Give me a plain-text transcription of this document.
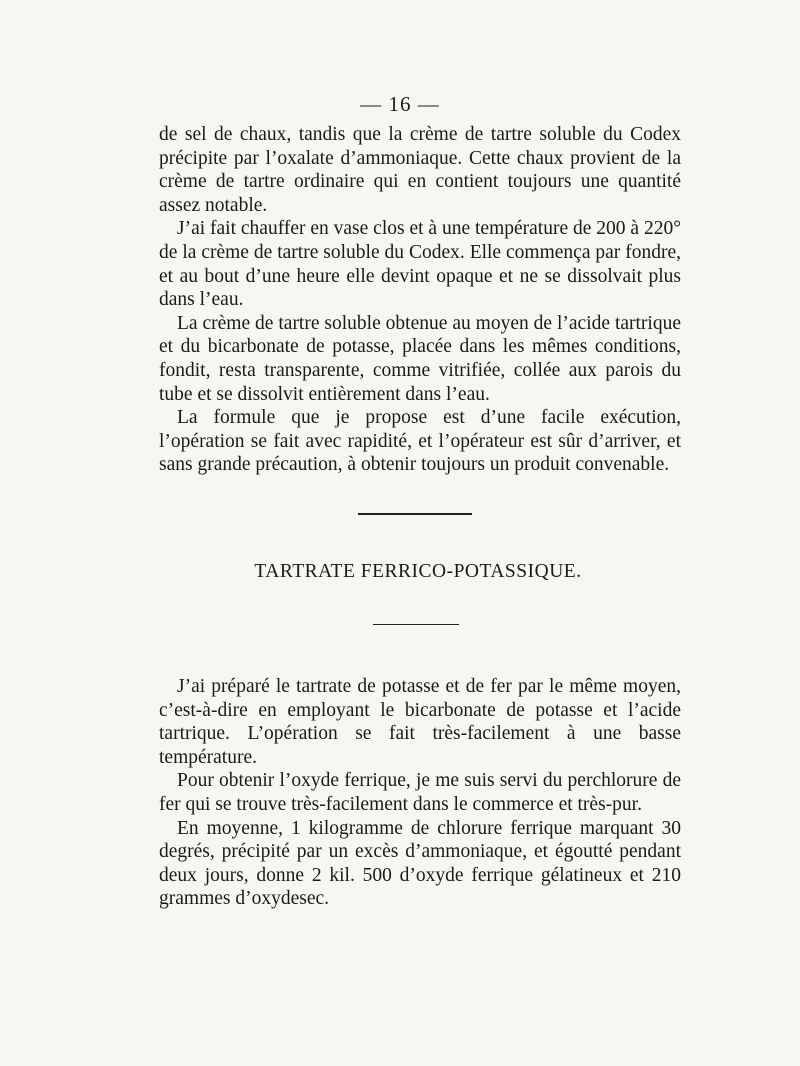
— 16 —

de sel de chaux, tandis que la crème de tartre soluble du Codex précipite par l’oxalate d’ammoniaque. Cette chaux provient de la crème de tartre ordinaire qui en contient toujours une quantité assez notable.

J’ai fait chauffer en vase clos et à une température de 200 à 220° de la crème de tartre soluble du Codex. Elle commença par fondre, et au bout d’une heure elle devint opaque et ne se dissolvait plus dans l’eau.

La crème de tartre soluble obtenue au moyen de l’acide tartrique et du bicarbonate de potasse, placée dans les mêmes conditions, fondit, resta transparente, comme vitrifiée, collée aux parois du tube et se dissolvit entièrement dans l’eau.

La formule que je propose est d’une facile exécution, l’opération se fait avec rapidité, et l’opérateur est sûr d’arriver, et sans grande précaution, à obtenir toujours un produit convenable.

TARTRATE FERRICO-POTASSIQUE.

J’ai préparé le tartrate de potasse et de fer par le même moyen, c’est-à-dire en employant le bicarbonate de potasse et l’acide tartrique. L’opération se fait très-facilement à une basse température.

Pour obtenir l’oxyde ferrique, je me suis servi du perchlorure de fer qui se trouve très-facilement dans le commerce et très-pur.

En moyenne, 1 kilogramme de chlorure ferrique marquant 30 degrés, précipité par un excès d’ammoniaque, et égoutté pendant deux jours, donne 2 kil. 500 d’oxyde ferrique gélatineux et 210 grammes d’oxydesec.
